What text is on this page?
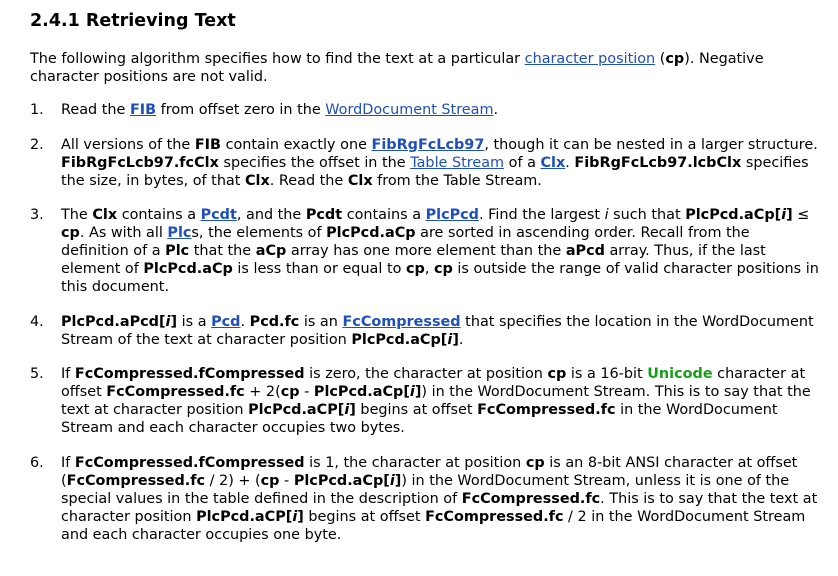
2.4.1 Retrieving Text

The following algorithm specifies how to find the text at a particular character position (cp). Negative character positions are not valid.

1. Read the FIB from offset zero in the WordDocument Stream.
2. All versions of the FIB contain exactly one FibRgFcLcb97, though it can be nested in a larger structure. FibRgFcLcb97.fcClx specifies the offset in the Table Stream of a Clx. FibRgFcLcb97.lcbClx specifies the size, in bytes, of that Clx. Read the Clx from the Table Stream.
3. The Clx contains a Pcdt, and the Pcdt contains a PlcPcd. Find the largest i such that PlcPcd.aCp[i] ≤ cp. As with all Plcs, the elements of PlcPcd.aCp are sorted in ascending order. Recall from the definition of a Plc that the aCp array has one more element than the aPcd array. Thus, if the last element of PlcPcd.aCp is less than or equal to cp, cp is outside the range of valid character positions in this document.
4. PlcPcd.aPcd[i] is a Pcd. Pcd.fc is an FcCompressed that specifies the location in the WordDocument Stream of the text at character position PlcPcd.aCp[i].
5. If FcCompressed.fCompressed is zero, the character at position cp is a 16-bit Unicode character at offset FcCompressed.fc + 2(cp - PlcPcd.aCp[i]) in the WordDocument Stream. This is to say that the text at character position PlcPcd.aCP[i] begins at offset FcCompressed.fc in the WordDocument Stream and each character occupies two bytes.
6. If FcCompressed.fCompressed is 1, the character at position cp is an 8-bit ANSI character at offset (FcCompressed.fc / 2) + (cp - PlcPcd.aCp[i]) in the WordDocument Stream, unless it is one of the special values in the table defined in the description of FcCompressed.fc. This is to say that the text at character position PlcPcd.aCP[i] begins at offset FcCompressed.fc / 2 in the WordDocument Stream and each character occupies one byte.
